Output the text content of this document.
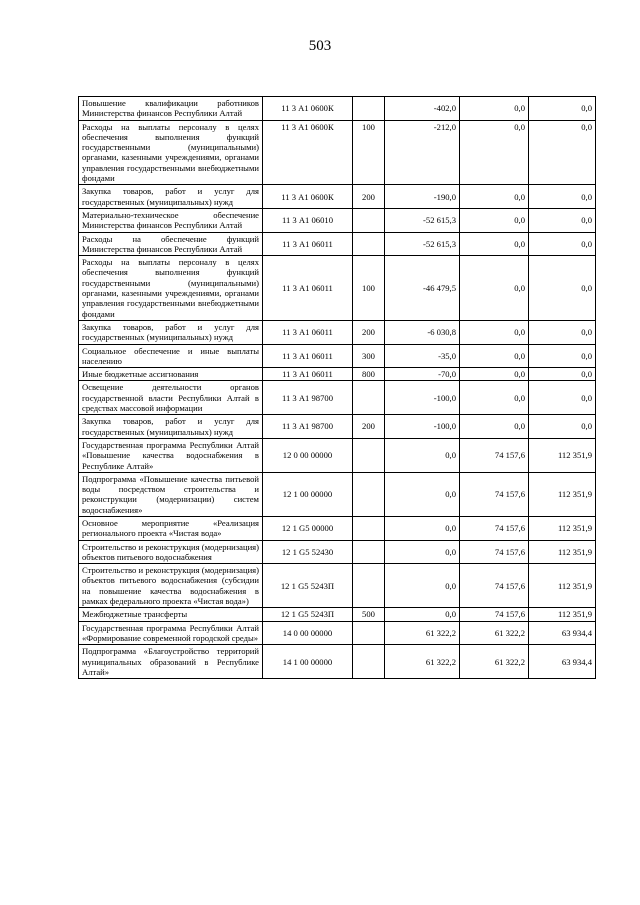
503
Повышение квалификации работников Министерства финансов Республики Алтай	11 3 А1 0600К		-402,0	0,0	0,0
Расходы на выплаты персоналу в целях обеспечения выполнения функций государственными (муниципальными) органами, казенными учреждениями, органами управления государственными внебюджетными фондами	11 3 А1 0600К	100	-212,0	0,0	0,0
Закупка товаров, работ и услуг для государственных (муниципальных) нужд	11 3 А1 0600К	200	-190,0	0,0	0,0
Материально-техническое обеспечение Министерства финансов Республики Алтай	11 3 А1 06010		-52 615,3	0,0	0,0
Расходы на обеспечение функций Министерства финансов Республики Алтай	11 3 А1 06011		-52 615,3	0,0	0,0
Расходы на выплаты персоналу в целях обеспечения выполнения функций государственными (муниципальными) органами, казенными учреждениями, органами управления государственными внебюджетными фондами	11 3 А1 06011	100	-46 479,5	0,0	0,0
Закупка товаров, работ и услуг для государственных (муниципальных) нужд	11 3 А1 06011	200	-6 030,8	0,0	0,0
Социальное обеспечение и иные выплаты населению	11 3 А1 06011	300	-35,0	0,0	0,0
Иные бюджетные ассигнования	11 3 А1 06011	800	-70,0	0,0	0,0
Освещение деятельности органов государственной власти Республики Алтай в средствах массовой информации	11 3 А1 98700		-100,0	0,0	0,0
Закупка товаров, работ и услуг для государственных (муниципальных) нужд	11 3 А1 98700	200	-100,0	0,0	0,0
Государственная программа Республики Алтай «Повышение качества водоснабжения в Республике Алтай»	12 0 00 00000		0,0	74 157,6	112 351,9
Подпрограмма «Повышение качества питьевой воды посредством строительства и реконструкции (модернизации) систем водоснабжения»	12 1 00 00000		0,0	74 157,6	112 351,9
Основное мероприятие «Реализация регионального проекта «Чистая вода»	12 1 G5 00000		0,0	74 157,6	112 351,9
Строительство и реконструкция (модернизация) объектов питьевого водоснабжения	12 1 G5 52430		0,0	74 157,6	112 351,9
Строительство и реконструкция (модернизация) объектов питьевого водоснабжения (субсидии на повышение качества водоснабжения в рамках федерального проекта «Чистая вода»)	12 1 G5 5243П		0,0	74 157,6	112 351,9
Межбюджетные трансферты	12 1 G5 5243П	500	0,0	74 157,6	112 351,9
Государственная программа Республики Алтай «Формирование современной городской среды»	14 0 00 00000		61 322,2	61 322,2	63 934,4
Подпрограмма «Благоустройство территорий муниципальных образований в Республике Алтай»	14 1 00 00000		61 322,2	61 322,2	63 934,4
